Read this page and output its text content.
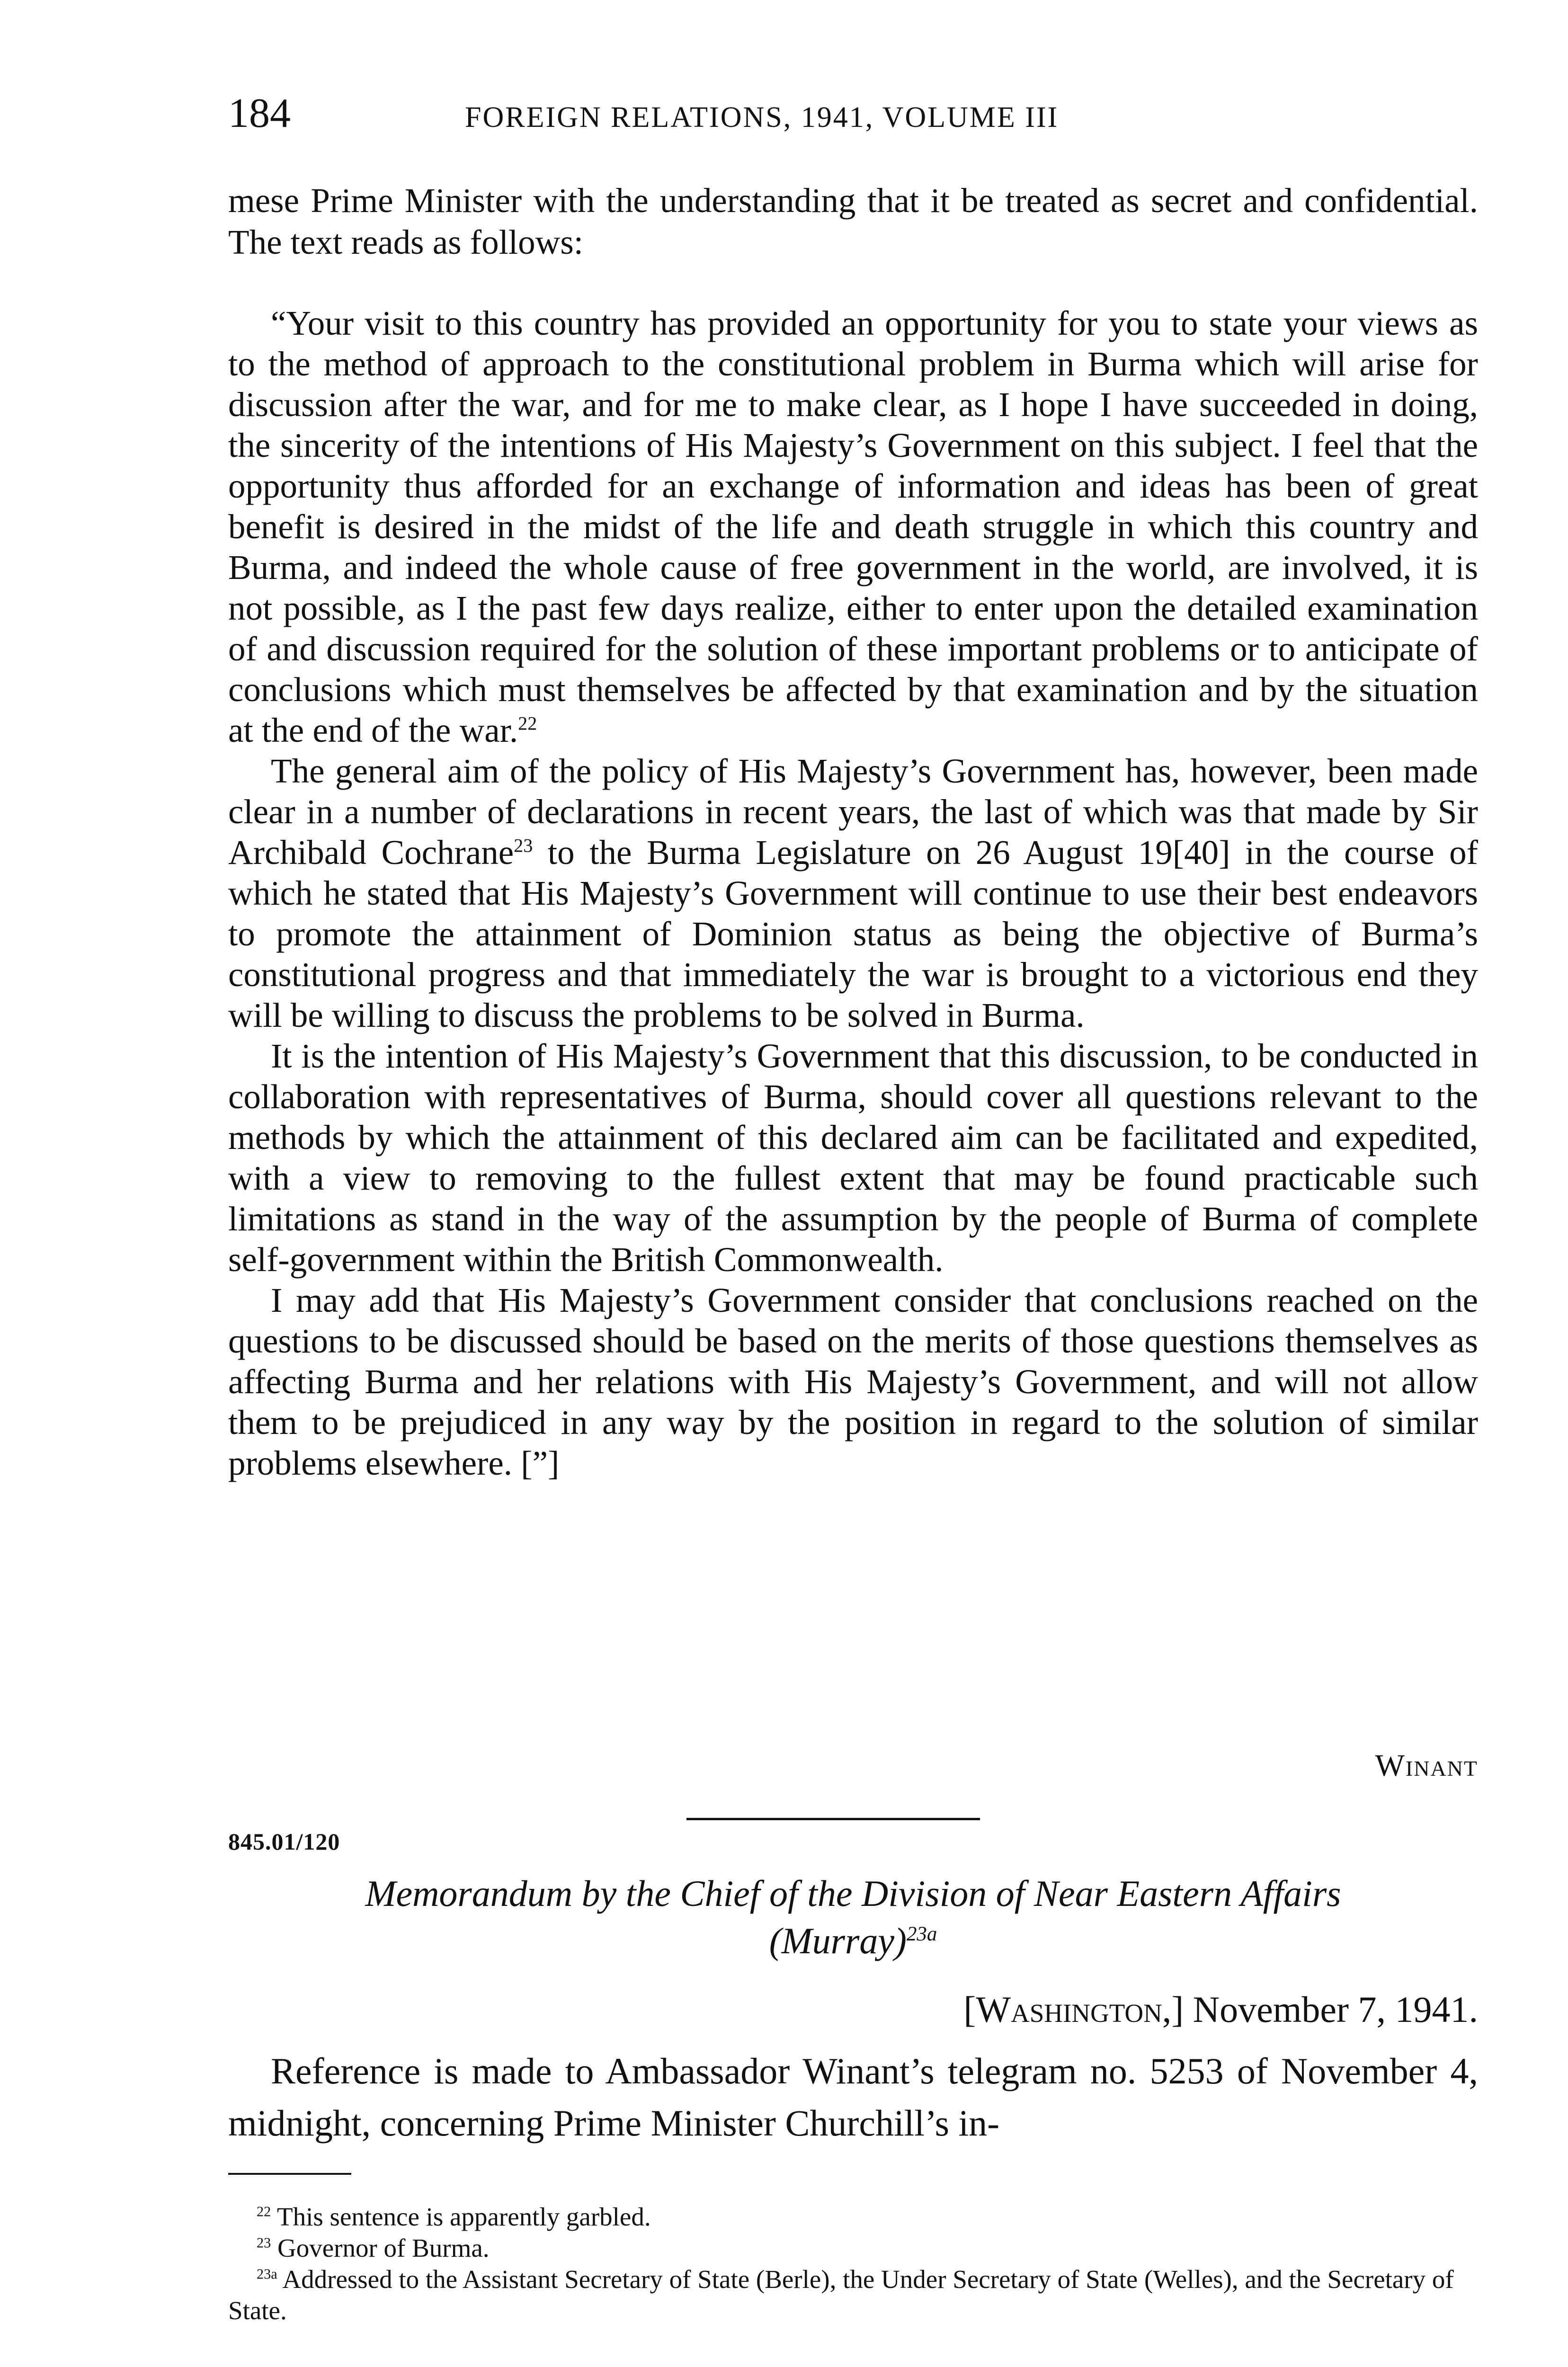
184	FOREIGN RELATIONS, 1941, VOLUME III

mese Prime Minister with the understanding that it be treated as secret and confidential. The text reads as follows:

“Your visit to this country has provided an opportunity for you to state your views as to the method of approach to the constitutional problem in Burma which will arise for discussion after the war, and for me to make clear, as I hope I have succeeded in doing, the sincerity of the intentions of His Majesty’s Government on this subject. I feel that the opportunity thus afforded for an exchange of information and ideas has been of great benefit is desired in the midst of the life and death struggle in which this country and Burma, and indeed the whole cause of free government in the world, are involved, it is not possible, as I the past few days realize, either to enter upon the detailed examination of and discussion required for the solution of these important problems or to anticipate of conclusions which must themselves be affected by that examination and by the situation at the end of the war.$^{22}$

The general aim of the policy of His Majesty’s Government has, however, been made clear in a number of declarations in recent years, the last of which was that made by Sir Archibald Cochrane$^{23}$ to the Burma Legislature on 26 August 19[40] in the course of which he stated that His Majesty’s Government will continue to use their best endeavors to promote the attainment of Dominion status as being the objective of Burma’s constitutional progress and that immediately the war is brought to a victorious end they will be willing to discuss the problems to be solved in Burma.

It is the intention of His Majesty’s Government that this discussion, to be conducted in collaboration with representatives of Burma, should cover all questions relevant to the methods by which the attainment of this declared aim can be facilitated and expedited, with a view to removing to the fullest extent that may be found practicable such limitations as stand in the way of the assumption by the people of Burma of complete self-government within the British Commonwealth.

I may add that His Majesty’s Government consider that conclusions reached on the questions to be discussed should be based on the merits of those questions themselves as affecting Burma and her relations with His Majesty’s Government, and will not allow them to be prejudiced in any way by the position in regard to the solution of similar problems elsewhere. [”]

Winant
845.01/120
Memorandum by the Chief of the Division of Near Eastern Affairs
(Murray)$^{23a}$
[Washington,] November 7, 1941.

Reference is made to Ambassador Winant’s telegram no. 5253 of November 4, midnight, concerning Prime Minister Churchill’s in-

$^{22}$ This sentence is apparently garbled.

$^{23}$ Governor of Burma.

$^{23a}$ Addressed to the Assistant Secretary of State (Berle), the Under Secretary of State (Welles), and the Secretary of State.
